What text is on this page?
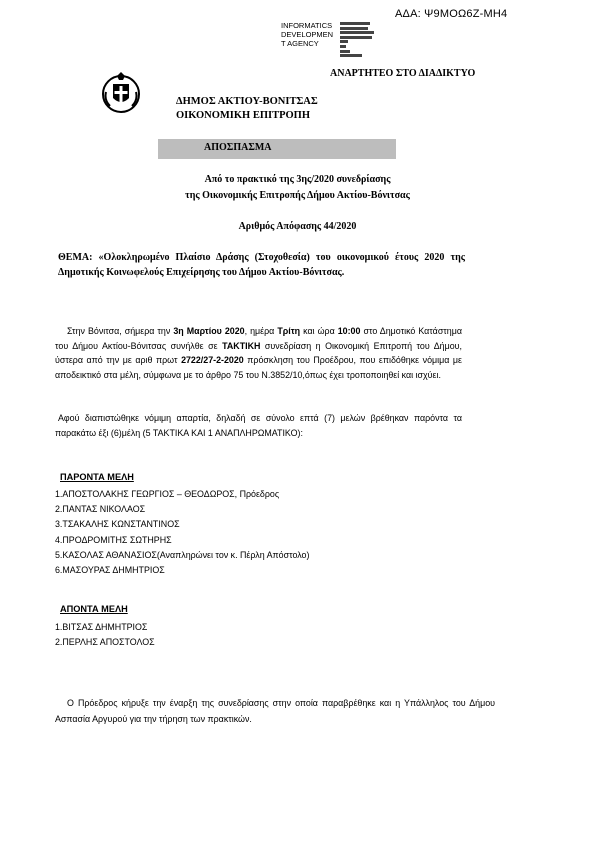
ΑΔΑ: Ψ9ΜΟΩ6Ζ-ΜΗ4
INFORMATICS
DEVELOPMEN
T AGENCY
ΑΝΑΡΤΗΤΕΟ ΣΤΟ ΔΙΑΔΙΚΤΥΟ
ΔΗΜΟΣ ΑΚΤΙΟΥ-ΒΟΝΙΤΣΑΣ
ΟΙΚΟΝΟΜΙΚΗ ΕΠΙΤΡΟΠΗ
ΑΠΟΣΠΑΣΜΑ
Από το πρακτικό της 3ης/2020 συνεδρίασης
της Οικονομικής Επιτροπής Δήμου Ακτίου-Βόνιτσας
Αριθμός Απόφασης 44/2020
ΘΕΜΑ: «Ολοκληρωμένο Πλαίσιο Δράσης (Στοχοθεσία) του οικονομικού έτους 2020 της Δημοτικής Κοινωφελούς Επιχείρησης του Δήμου Ακτίου-Βόνιτσας.
Στην Βόνιτσα, σήμερα την 3η Μαρτίου 2020, ημέρα Τρίτη και ώρα 10:00 στο Δημοτικό Κατάστημα του Δήμου Ακτίου-Βόνιτσας συνήλθε σε ΤΑΚΤΙΚΗ συνεδρίαση η Οικονομική Επιτροπή του Δήμου, ύστερα από την με αριθ πρωτ 2722/27-2-2020 πρόσκληση του Προέδρου, που επιδόθηκε νόμιμα με αποδεικτικό στα μέλη, σύμφωνα με το άρθρο 75 του Ν.3852/10,όπως έχει τροποποιηθεί και ισχύει.
Αφού διαπιστώθηκε νόμιμη απαρτία, δηλαδή σε σύνολο επτά (7) μελών βρέθηκαν παρόντα τα παρακάτω έξι (6)μέλη (5 ΤΑΚΤΙΚΑ ΚΑΙ 1 ΑΝΑΠΛΗΡΩΜΑΤΙΚΟ):
ΠΑΡΟΝΤΑ ΜΕΛΗ
1.ΑΠΟΣΤΟΛΑΚΗΣ ΓΕΩΡΓΙΟΣ – ΘΕΟΔΩΡΟΣ, Πρόεδρος
2.ΠΑΝΤΑΣ ΝΙΚΟΛΑΟΣ
3.ΤΣΑΚΑΛΗΣ ΚΩΝΣΤΑΝΤΙΝΟΣ
4.ΠΡΟΔΡΟΜΙΤΗΣ ΣΩΤΗΡΗΣ
5.ΚΑΣΟΛΑΣ ΑΘΑΝΑΣΙΟΣ(Αναπληρώνει τον κ. Πέρλη Απόστολο)
6.ΜΑΣΟΥΡΑΣ ΔΗΜΗΤΡΙΟΣ
ΑΠΟΝΤΑ ΜΕΛΗ
1.ΒΙΤΣΑΣ ΔΗΜΗΤΡΙΟΣ
2.ΠΕΡΛΗΣ ΑΠΟΣΤΟΛΟΣ
Ο Πρόεδρος κήρυξε την έναρξη της συνεδρίασης στην οποία παραβρέθηκε και η Υπάλληλος του Δήμου Ασπασία Αργυρού για την τήρηση των πρακτικών.
